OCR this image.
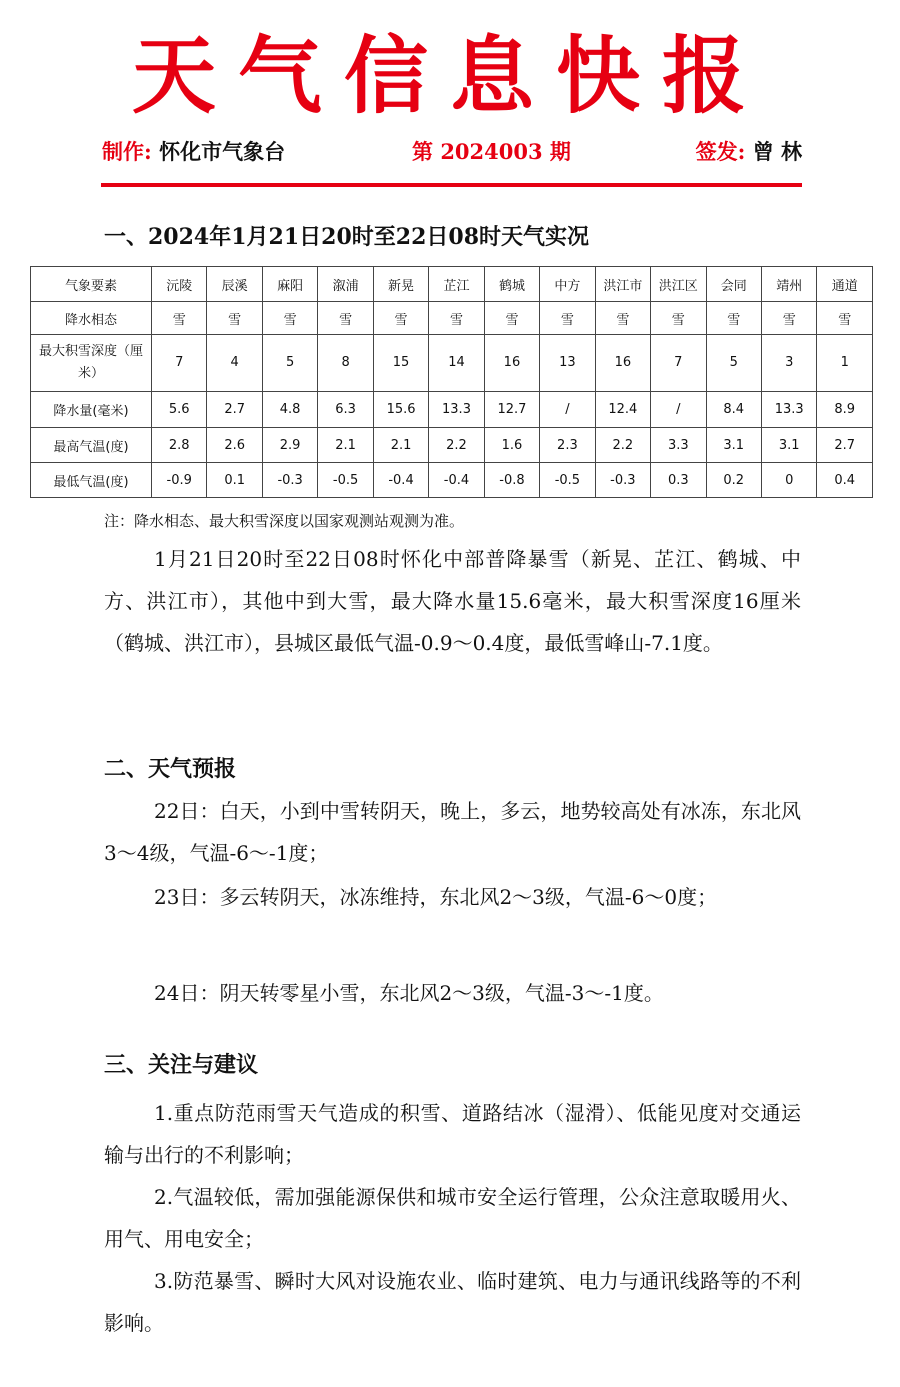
天气信息快报
制作: 怀化市气象台	第 2024003 期	签发: 曾 林
一、2024年1月21日20时至22日08时天气实况
气象要素	沅陵	辰溪	麻阳	溆浦	新晃	芷江	鹤城	中方	洪江市	洪江区	会同	靖州	通道
降水相态	雪	雪	雪	雪	雪	雪	雪	雪	雪	雪	雪	雪	雪
最大积雪深度（厘米）	7	4	5	8	15	14	16	13	16	7	5	3	1
降水量(毫米)	5.6	2.7	4.8	6.3	15.6	13.3	12.7	/	12.4	/	8.4	13.3	8.9
最高气温(度)	2.8	2.6	2.9	2.1	2.1	2.2	1.6	2.3	2.2	3.3	3.1	3.1	2.7
最低气温(度)	-0.9	0.1	-0.3	-0.5	-0.4	-0.4	-0.8	-0.5	-0.3	0.3	0.2	0	0.4
注：降水相态、最大积雪深度以国家观测站观测为准。

1月21日20时至22日08时怀化中部普降暴雪（新晃、芷江、鹤城、中方、洪江市），其他中到大雪，最大降水量15.6毫米，最大积雪深度16厘米（鹤城、洪江市），县城区最低气温-0.9～0.4度，最低雪峰山-7.1度。

二、天气预报

22日：白天，小到中雪转阴天，晚上，多云，地势较高处有冰冻，东北风3～4级，气温-6～-1度；

23日：多云转阴天，冰冻维持，东北风2～3级，气温-6～0度；

24日：阴天转零星小雪，东北风2～3级，气温-3～-1度。

三、关注与建议

1.重点防范雨雪天气造成的积雪、道路结冰（湿滑）、低能见度对交通运输与出行的不利影响；

2.气温较低，需加强能源保供和城市安全运行管理，公众注意取暖用火、用气、用电安全；

3.防范暴雪、瞬时大风对设施农业、临时建筑、电力与通讯线路等的不利影响。
